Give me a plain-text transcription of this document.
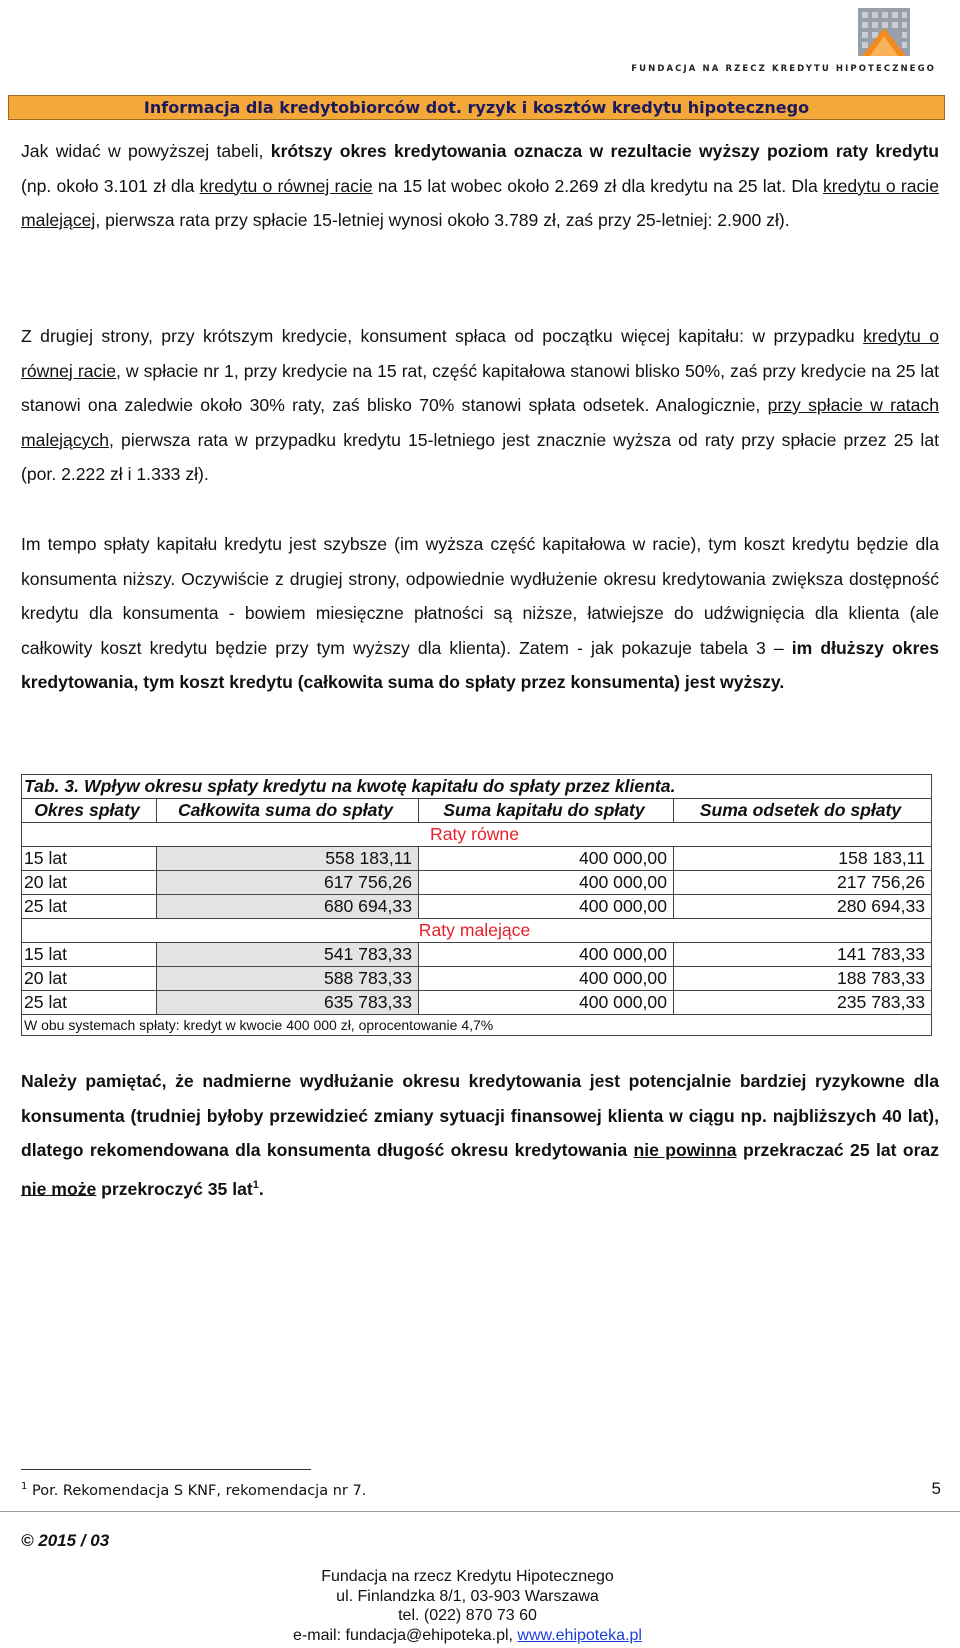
FUNDACJA NA RZECZ KREDYTU HIPOTECZNEGO
Informacja dla kredytobiorców dot. ryzyk i kosztów kredytu hipotecznego

Jak widać w powyższej tabeli, krótszy okres kredytowania oznacza w rezultacie wyższy poziom raty kredytu (np. około 3.101 zł dla kredytu o równej racie na 15 lat wobec około 2.269 zł dla kredytu na 25 lat. Dla kredytu o racie malejącej, pierwsza rata przy spłacie 15-letniej wynosi około 3.789 zł, zaś przy 25-letniej: 2.900 zł).

Z drugiej strony, przy krótszym kredycie, konsument spłaca od początku więcej kapitału: w przypadku kredytu o równej racie, w spłacie nr 1, przy kredycie na 15 rat, część kapitałowa stanowi blisko 50%, zaś przy kredycie na 25 lat stanowi ona zaledwie około 30% raty, zaś blisko 70% stanowi spłata odsetek. Analogicznie, przy spłacie w ratach malejących, pierwsza rata w przypadku kredytu 15-letniego jest znacznie wyższa od raty przy spłacie przez 25 lat (por. 2.222 zł i 1.333 zł).

Im tempo spłaty kapitału kredytu jest szybsze (im wyższa część kapitałowa w racie), tym koszt kredytu będzie dla konsumenta niższy. Oczywiście z drugiej strony, odpowiednie wydłużenie okresu kredytowania zwiększa dostępność kredytu dla konsumenta - bowiem miesięczne płatności są niższe, łatwiejsze do udźwignięcia dla klienta (ale całkowity koszt kredytu będzie przy tym wyższy dla klienta). Zatem - jak pokazuje tabela 3 – im dłuższy okres kredytowania, tym koszt kredytu (całkowita suma do spłaty przez konsumenta) jest wyższy.

Tab. 3. Wpływ okresu spłaty kredytu na kwotę kapitału do spłaty przez klienta.			
Okres spłaty	Całkowita suma do spłaty	Suma kapitału do spłaty	Suma odsetek do spłaty
Raty równe			
15 lat	558 183,11	400 000,00	158 183,11
20 lat	617 756,26	400 000,00	217 756,26
25 lat	680 694,33	400 000,00	280 694,33
Raty malejące			
15 lat	541 783,33	400 000,00	141 783,33
20 lat	588 783,33	400 000,00	188 783,33
25 lat	635 783,33	400 000,00	235 783,33
W obu systemach spłaty: kredyt w kwocie 400 000 zł, oprocentowanie 4,7%			

Należy pamiętać, że nadmierne wydłużanie okresu kredytowania jest potencjalnie bardziej ryzykowne dla konsumenta (trudniej byłoby przewidzieć zmiany sytuacji finansowej klienta w ciągu np. najbliższych 40 lat), dlatego rekomendowana dla konsumenta długość okresu kredytowania nie powinna przekraczać 25 lat oraz nie może przekroczyć 35 lat$^1$.

$^1$ Por. Rekomendacja S KNF, rekomendacja nr 7.	5
© 2015 / 03
Fundacja na rzecz Kredytu Hipotecznego
ul. Finlandzka 8/1, 03-903 Warszawa
tel. (022) 870 73 60
e-mail: fundacja@ehipoteka.pl, www.ehipoteka.pl
